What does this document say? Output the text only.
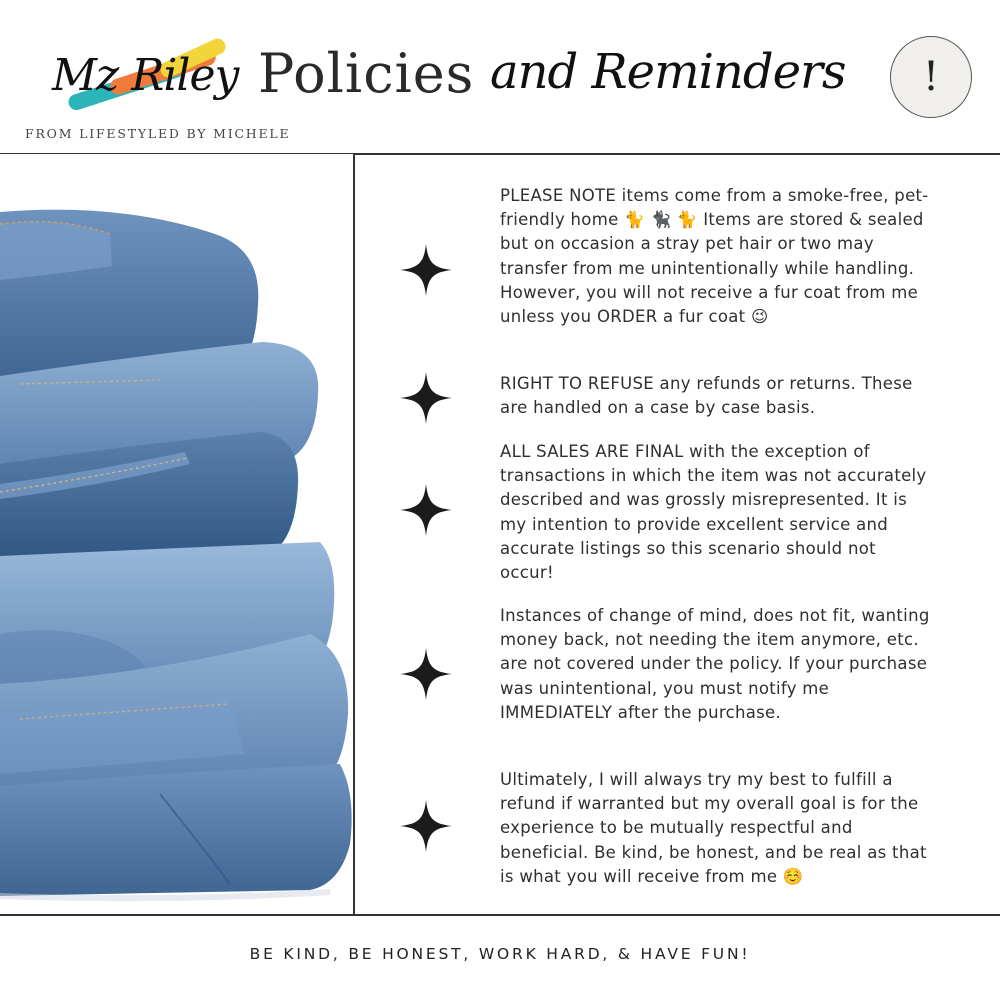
Mz Riley Policies and Reminders
FROM LIFESTYLED BY MICHELE
!

PLEASE NOTE items come from a smoke-free, pet-friendly home 🐈 🐈‍⬛ 🐈 Items are stored & sealed but on occasion a stray pet hair or two may transfer from me unintentionally while handling. However, you will not receive a fur coat from me unless you ORDER a fur coat 😉

RIGHT TO REFUSE any refunds or returns. These are handled on a case by case basis.

ALL SALES ARE FINAL with the exception of transactions in which the item was not accurately described and was grossly misrepresented. It is my intention to provide excellent service and accurate listings so this scenario should not occur!

Instances of change of mind, does not fit, wanting money back, not needing the item anymore, etc. are not covered under the policy. If your purchase was unintentional, you must notify me IMMEDIATELY after the purchase.

Ultimately, I will always try my best to fulfill a refund if warranted but my overall goal is for the experience to be mutually respectful and beneficial. Be kind, be honest, and be real as that is what you will receive from me ☺️

BE KIND, BE HONEST, WORK HARD, & HAVE FUN!
